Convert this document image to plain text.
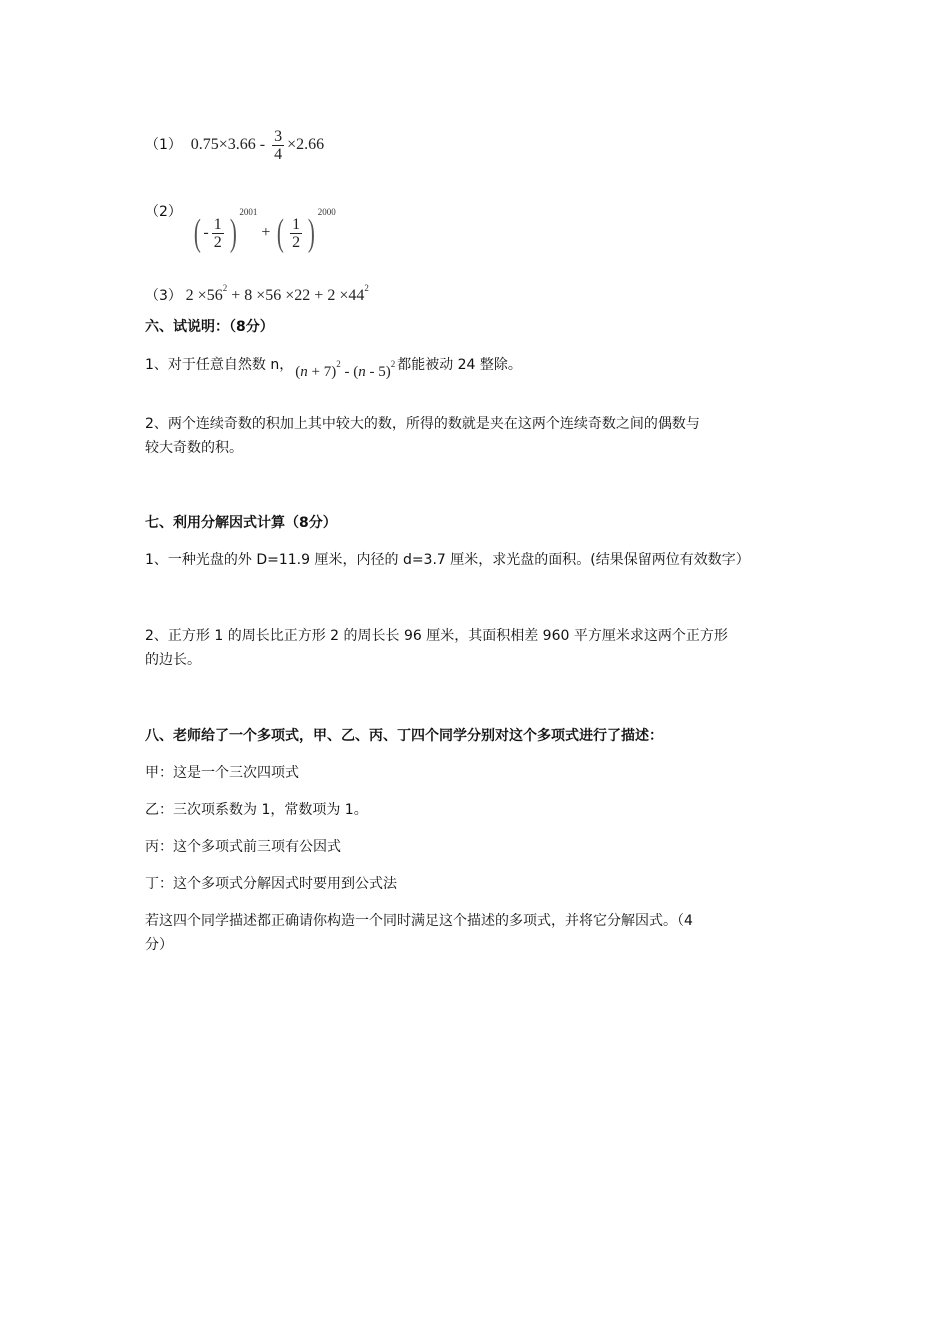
（1） $0.75\times 3.66 - \frac{3}{4} \times 2.66$
（2）
( - $\frac{1}{2}$ )
$^{2001}$ + ( $\frac{1}{2}$ )
$^{2000}$
（3） $2 \times 56^2 + 8 \times 56 \times 22 + 2 \times 44^2$
六、试说明：（8分）
1、对于任意自然数 n， $(n + 7)^2 - (n - 5)^2$ 都能被动 24 整除。
2、两个连续奇数的积加上其中较大的数，所得的数就是夹在这两个连续奇数之间的偶数与
较大奇数的积。
七、利用分解因式计算（8分）
1、一种光盘的外 D=11.9 厘米，内径的 d=3.7 厘米，求光盘的面积。(结果保留两位有效数字）
2、正方形 1 的周长比正方形 2 的周长长 96 厘米，其面积相差 960 平方厘米求这两个正方形
的边长。
八、老师给了一个多项式，甲、乙、丙、丁四个同学分别对这个多项式进行了描述：
甲：这是一个三次四项式
乙：三次项系数为 1，常数项为 1。
丙：这个多项式前三项有公因式
丁：这个多项式分解因式时要用到公式法
若这四个同学描述都正确请你构造一个同时满足这个描述的多项式，并将它分解因式。（4
分）
